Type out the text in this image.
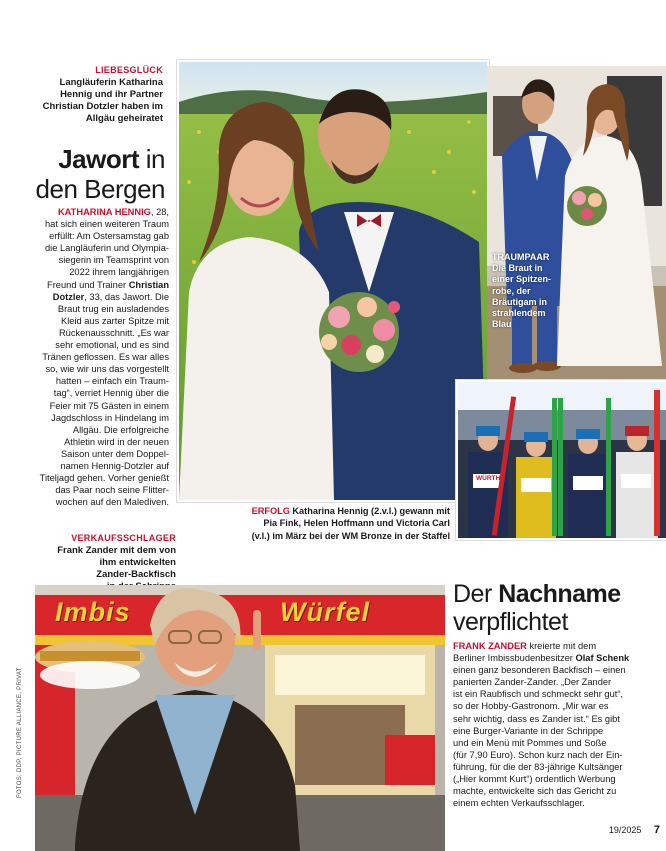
LIEBESGLÜCK
Langläuferin Katharina
Hennig und ihr Partner
Christian Dotzler haben im
Allgäu geheiratet
Jawort in
den Bergen
KATHARINA HENNIG, 28,
hat sich einen weiteren Traum
erfüllt: Am Ostersamstag gab
die Langläuferin und Olympia-
siegerin im Teamsprint von
2022 ihrem langjährigen
Freund und Trainer Christian
Dotzler, 33, das Jawort. Die
Braut trug ein ausladendes
Kleid aus zarter Spitze mit
Rückenausschnitt. „Es war
sehr emotional, und es sind
Tränen geflossen. Es war alles
so, wie wir uns das vorgestellt
hatten – einfach ein Traum-
tag“, verriet Hennig über die
Feier mit 75 Gästen in einem
Jagdschloss in Hindelang im
Allgäu. Die erfolgreiche
Athletin wird in der neuen
Saison unter dem Doppel-
namen Hennig-Dotzler auf
Titeljagd gehen. Vorher genießt
das Paar noch seine Flitter-
wochen auf den Malediven.
TRAUMPAAR
Die Braut in
einer Spitzen-
robe, der
Bräutigam in
strahlendem
Blau
WÜRTH
2
ERFOLG Katharina Hennig (2.v.l.) gewann mit
Pia Fink, Helen Hoffmann und Victoria Carl
(v.l.) im März bei der WM Bronze in der Staffel
VERKAUFSSCHLAGER
Frank Zander mit dem von
ihm entwickelten
Zander-Backfisch
Imbis	Würfel
FOTOS: DDP, PICTURE ALLIANCE, PRIVAT
Der Nachname
verpflichtet
FRANK ZANDER kreierte mit dem
Berliner Imbissbudenbesitzer Olaf Schenk
einen ganz besonderen Backfisch – einen
panierten Zander-Zander. „Der Zander
ist ein Raubfisch und schmeckt sehr gut“,
so der Hobby-Gastronom. „Mir war es
sehr wichtig, dass es Zander ist.“ Es gibt
eine Burger-Variante in der Schrippe
und ein Menü mit Pommes und Soße
(für 7,90 Euro). Schon kurz nach der Ein-
führung, für die der 83-jährige Kultsänger
(„Hier kommt Kurt“) ordentlich Werbung
machte, entwickelte sich das Gericht zu
einem echten Verkaufsschlager.
19/2025 7
